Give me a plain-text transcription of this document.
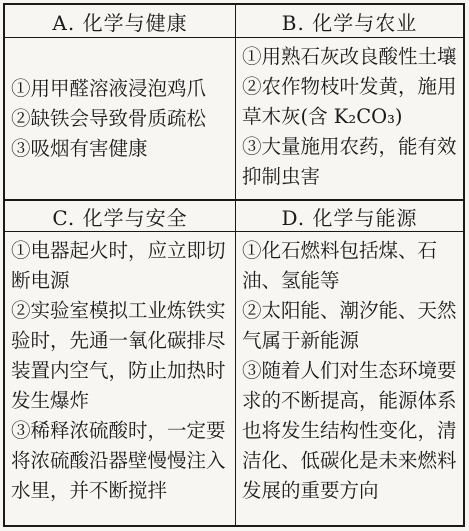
A. 化学与健康	B. 化学与农业

①用甲醛溶液浸泡鸡爪

②缺铁会导致骨质疏松

③吸烟有害健康

①用熟石灰改良酸性土壤

②农作物枝叶发黄，施用草木灰(含 K₂CO₃)

③大量施用农药，能有效抑制虫害

C. 化学与安全	D. 化学与能源

①电器起火时，应立即切断电源

②实验室模拟工业炼铁实验时，先通一氧化碳排尽装置内空气，防止加热时发生爆炸

③稀释浓硫酸时，一定要将浓硫酸沿器壁慢慢注入水里，并不断搅拌

①化石燃料包括煤、石油、氢能等

②太阳能、潮汐能、天然气属于新能源

③随着人们对生态环境要求的不断提高，能源体系也将发生结构性变化，清洁化、低碳化是未来燃料发展的重要方向
